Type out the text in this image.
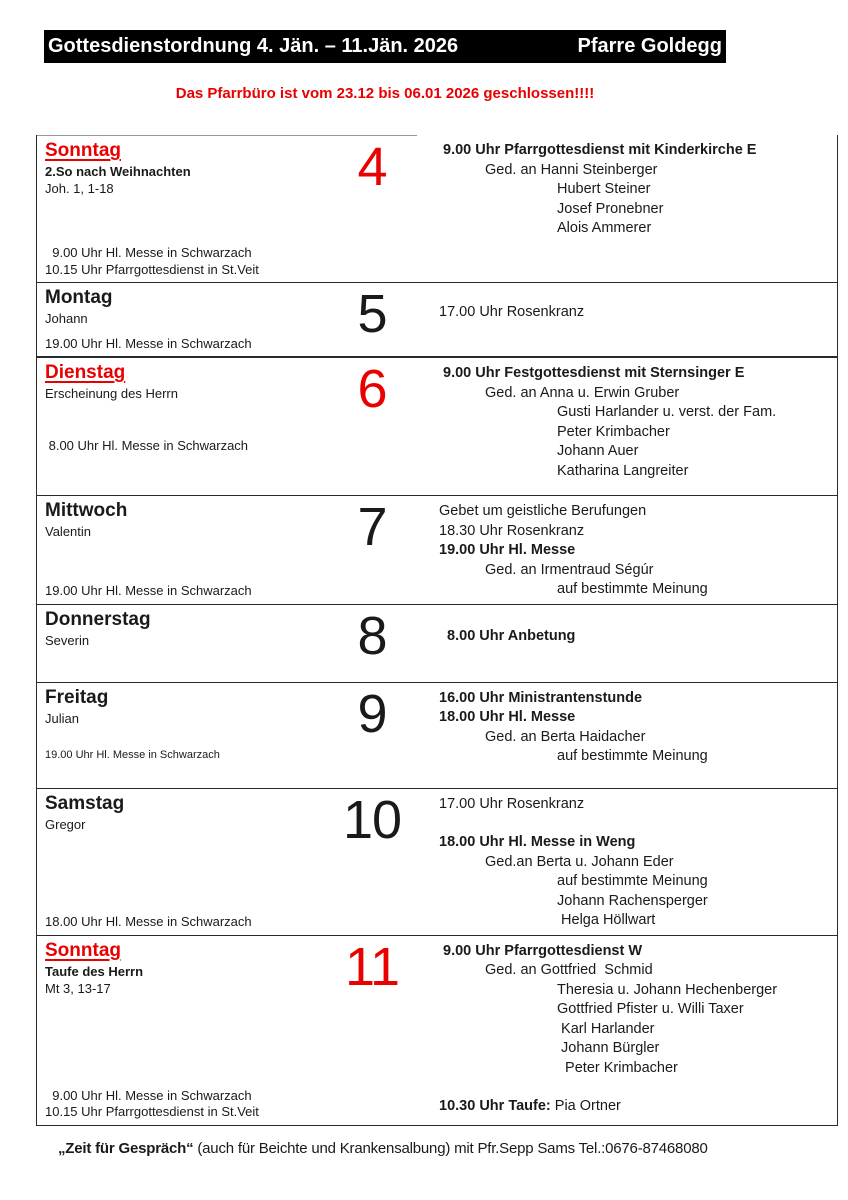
Gottesdienstordnung 4. Jän. – 11.Jän. 2026	Pfarre Goldegg
Das Pfarrbüro ist vom 23.12 bis 06.01 2026 geschlossen!!!!
Sonntag
2.So nach Weihnachten
Joh. 1, 1-18
9.00 Uhr Hl. Messe in Schwarzach
10.15 Uhr Pfarrgottesdienst in St.Veit
4	9.00 Uhr Pfarrgottesdienst mit Kinderkirche E
Ged. an Hanni Steinberger
Hubert Steiner
Josef Pronebner
Alois Ammerer
Montag
Johann
19.00 Uhr Hl. Messe in Schwarzach	5	17.00 Uhr Rosenkranz
Dienstag
Erscheinung des Herrn
8.00 Uhr Hl. Messe in Schwarzach
6	9.00 Uhr Festgottesdienst mit Sternsinger E
Ged. an Anna u. Erwin Gruber
Gusti Harlander u. verst. der Fam.
Peter Krimbacher
Johann Auer
Katharina Langreiter
Mittwoch
Valentin
19.00 Uhr Hl. Messe in Schwarzach
7	Gebet um geistliche Berufungen
18.30 Uhr Rosenkranz
19.00 Uhr Hl. Messe
Ged. an Irmentraud Ségúr
auf bestimmte Meinung
Donnerstag
Severin	8	8.00 Uhr Anbetung
Freitag
Julian
19.00 Uhr Hl. Messe in Schwarzach
9	16.00 Uhr Ministrantenstunde
18.00 Uhr Hl. Messe
Ged. an Berta Haidacher
auf bestimmte Meinung
Samstag
Gregor
18.00 Uhr Hl. Messe in Schwarzach
10	17.00 Uhr Rosenkranz
18.00 Uhr Hl. Messe in Weng
Ged.an Berta u. Johann Eder
auf bestimmte Meinung
Johann Rachensperger
Helga Höllwart
Sonntag
Taufe des Herrn
Mt 3, 13-17
9.00 Uhr Hl. Messe in Schwarzach
10.15 Uhr Pfarrgottesdienst in St.Veit
11	9.00 Uhr Pfarrgottesdienst W
Ged. an Gottfried  Schmid
Theresia u. Johann Hechenberger
Gottfried Pfister u. Willi Taxer
Karl Harlander
Johann Bürgler
Peter Krimbacher
10.30 Uhr Taufe: Pia Ortner
„Zeit für Gespräch“ (auch für Beichte und Krankensalbung) mit Pfr.Sepp Sams Tel.:0676-87468080
